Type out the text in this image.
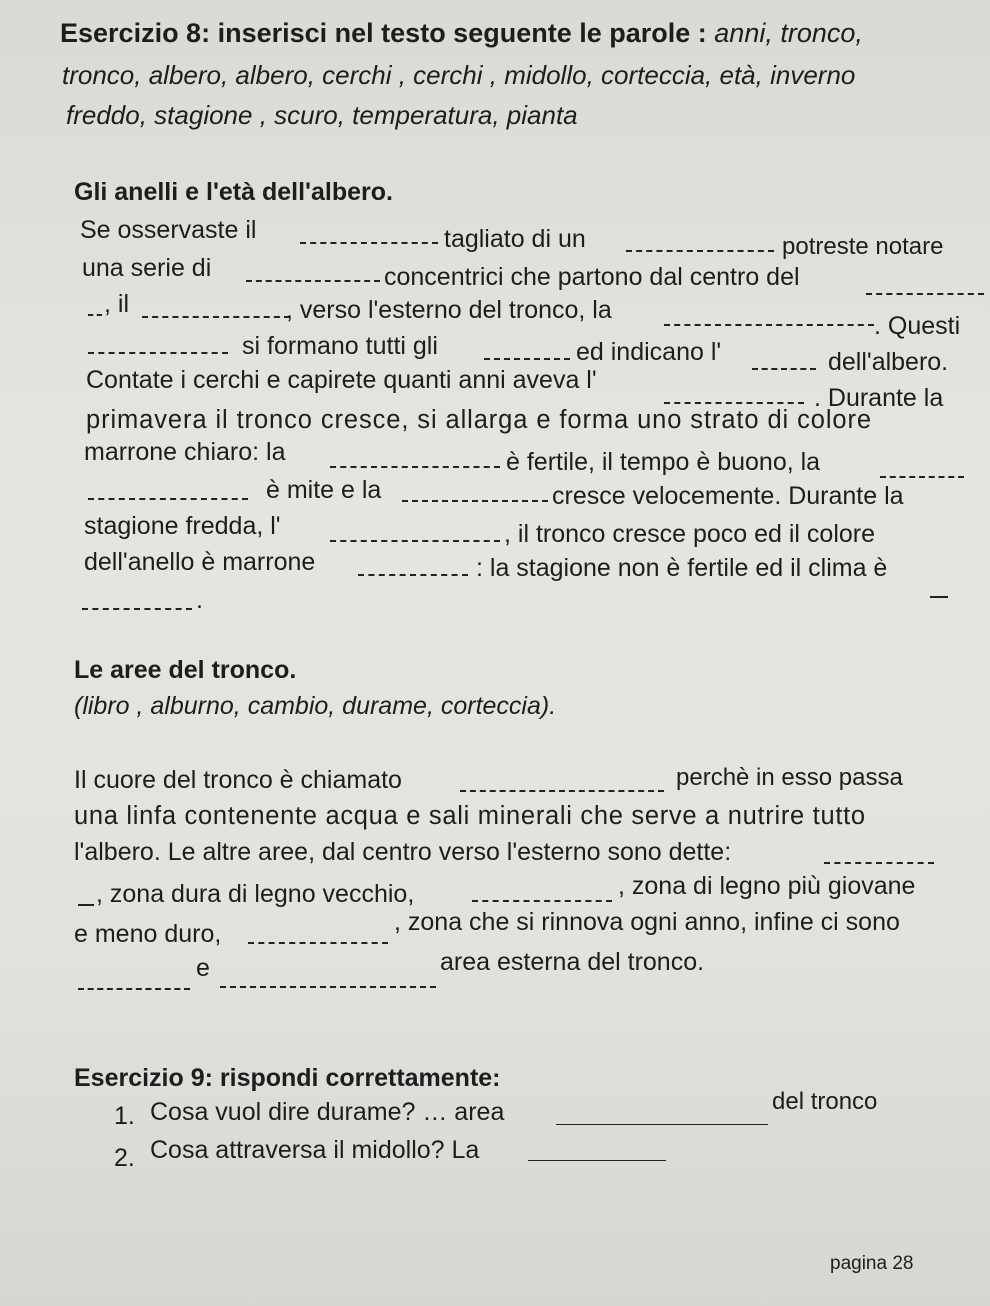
Esercizio 8: inserisci nel testo seguente le parole : anni, tronco,
tronco, albero, albero, cerchi , cerchi , midollo, corteccia, età, inverno
freddo, stagione , scuro, temperatura, pianta
Gli anelli e l'età dell'albero.
Se osservaste il	tagliato di un	potreste notare
una serie di	concentrici che partono dal centro del
, il	, verso l'esterno del tronco, la
. Questi
si formano tutti gli	ed indicano l'	dell'albero.
Contate i cerchi e capirete quanti anni aveva l'
. Durante la
primavera il tronco cresce, si allarga e forma uno strato di colore
marrone chiaro: la	è fertile, il tempo è buono, la
è mite e la	cresce velocemente. Durante la
stagione fredda, l'	, il tronco cresce poco ed il colore
dell'anello è marrone	: la stagione non è fertile ed il clima è
.
Le aree del tronco.
(libro , alburno, cambio, durame, corteccia).
Il cuore del tronco è chiamato	perchè in esso passa
una linfa contenente acqua e sali minerali che serve a nutrire tutto
l'albero. Le altre aree, dal centro verso l'esterno sono dette:
, zona dura di legno vecchio,	, zona di legno più giovane
e meno duro,	, zona che si rinnova ogni anno, infine ci sono
e	area esterna del tronco.
Esercizio 9: rispondi correttamente:
1. Cosa vuol dire durame? … area	del tronco
2. Cosa attraversa il midollo? La
pagina 28
